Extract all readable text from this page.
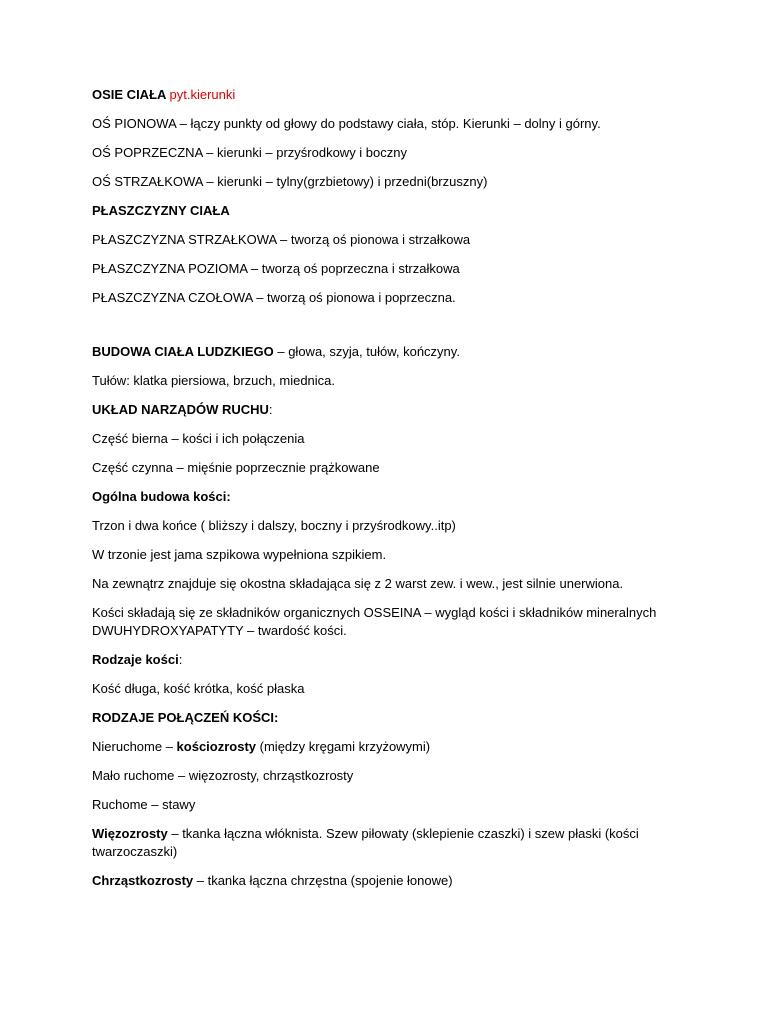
OSIE CIAŁA pyt.kierunki

OŚ PIONOWA – łączy punkty od głowy do podstawy ciała, stóp. Kierunki – dolny i górny.

OŚ POPRZECZNA – kierunki – przyśrodkowy i boczny

OŚ STRZAŁKOWA – kierunki – tylny(grzbietowy) i przedni(brzuszny)

PŁASZCZYZNY CIAŁA

PŁASZCZYZNA STRZAŁKOWA – tworzą oś pionowa i strzałkowa

PŁASZCZYZNA POZIOMA – tworzą oś poprzeczna i strzałkowa

PŁASZCZYZNA CZOŁOWA – tworzą oś pionowa i poprzeczna.

BUDOWA CIAŁA LUDZKIEGO – głowa, szyja, tułów, kończyny.

Tułów: klatka piersiowa, brzuch, miednica.

UKŁAD NARZĄDÓW RUCHU:

Część bierna – kości i ich połączenia

Część czynna – mięśnie poprzecznie prążkowane

Ogólna budowa kości:

Trzon i dwa końce ( bliższy i dalszy, boczny i przyśrodkowy..itp)

W trzonie jest jama szpikowa wypełniona szpikiem.

Na zewnątrz znajduje się okostna składająca się z 2 warst zew. i wew., jest silnie unerwiona.

Kości składają się ze składników organicznych OSSEINA – wygląd kości i składników mineralnych DWUHYDROXYAPATYTY – twardość kości.

Rodzaje kości:

Kość długa, kość krótka, kość płaska

RODZAJE POŁĄCZEŃ KOŚCI:

Nieruchome – kościozrosty (między kręgami krzyżowymi)

Mało ruchome – więzozrosty, chrząstkozrosty

Ruchome – stawy

Więzozrosty – tkanka łączna włóknista. Szew piłowaty (sklepienie czaszki) i szew płaski (kości twarzoczaszki)

Chrząstkozrosty – tkanka łączna chrzęstna (spojenie łonowe)
